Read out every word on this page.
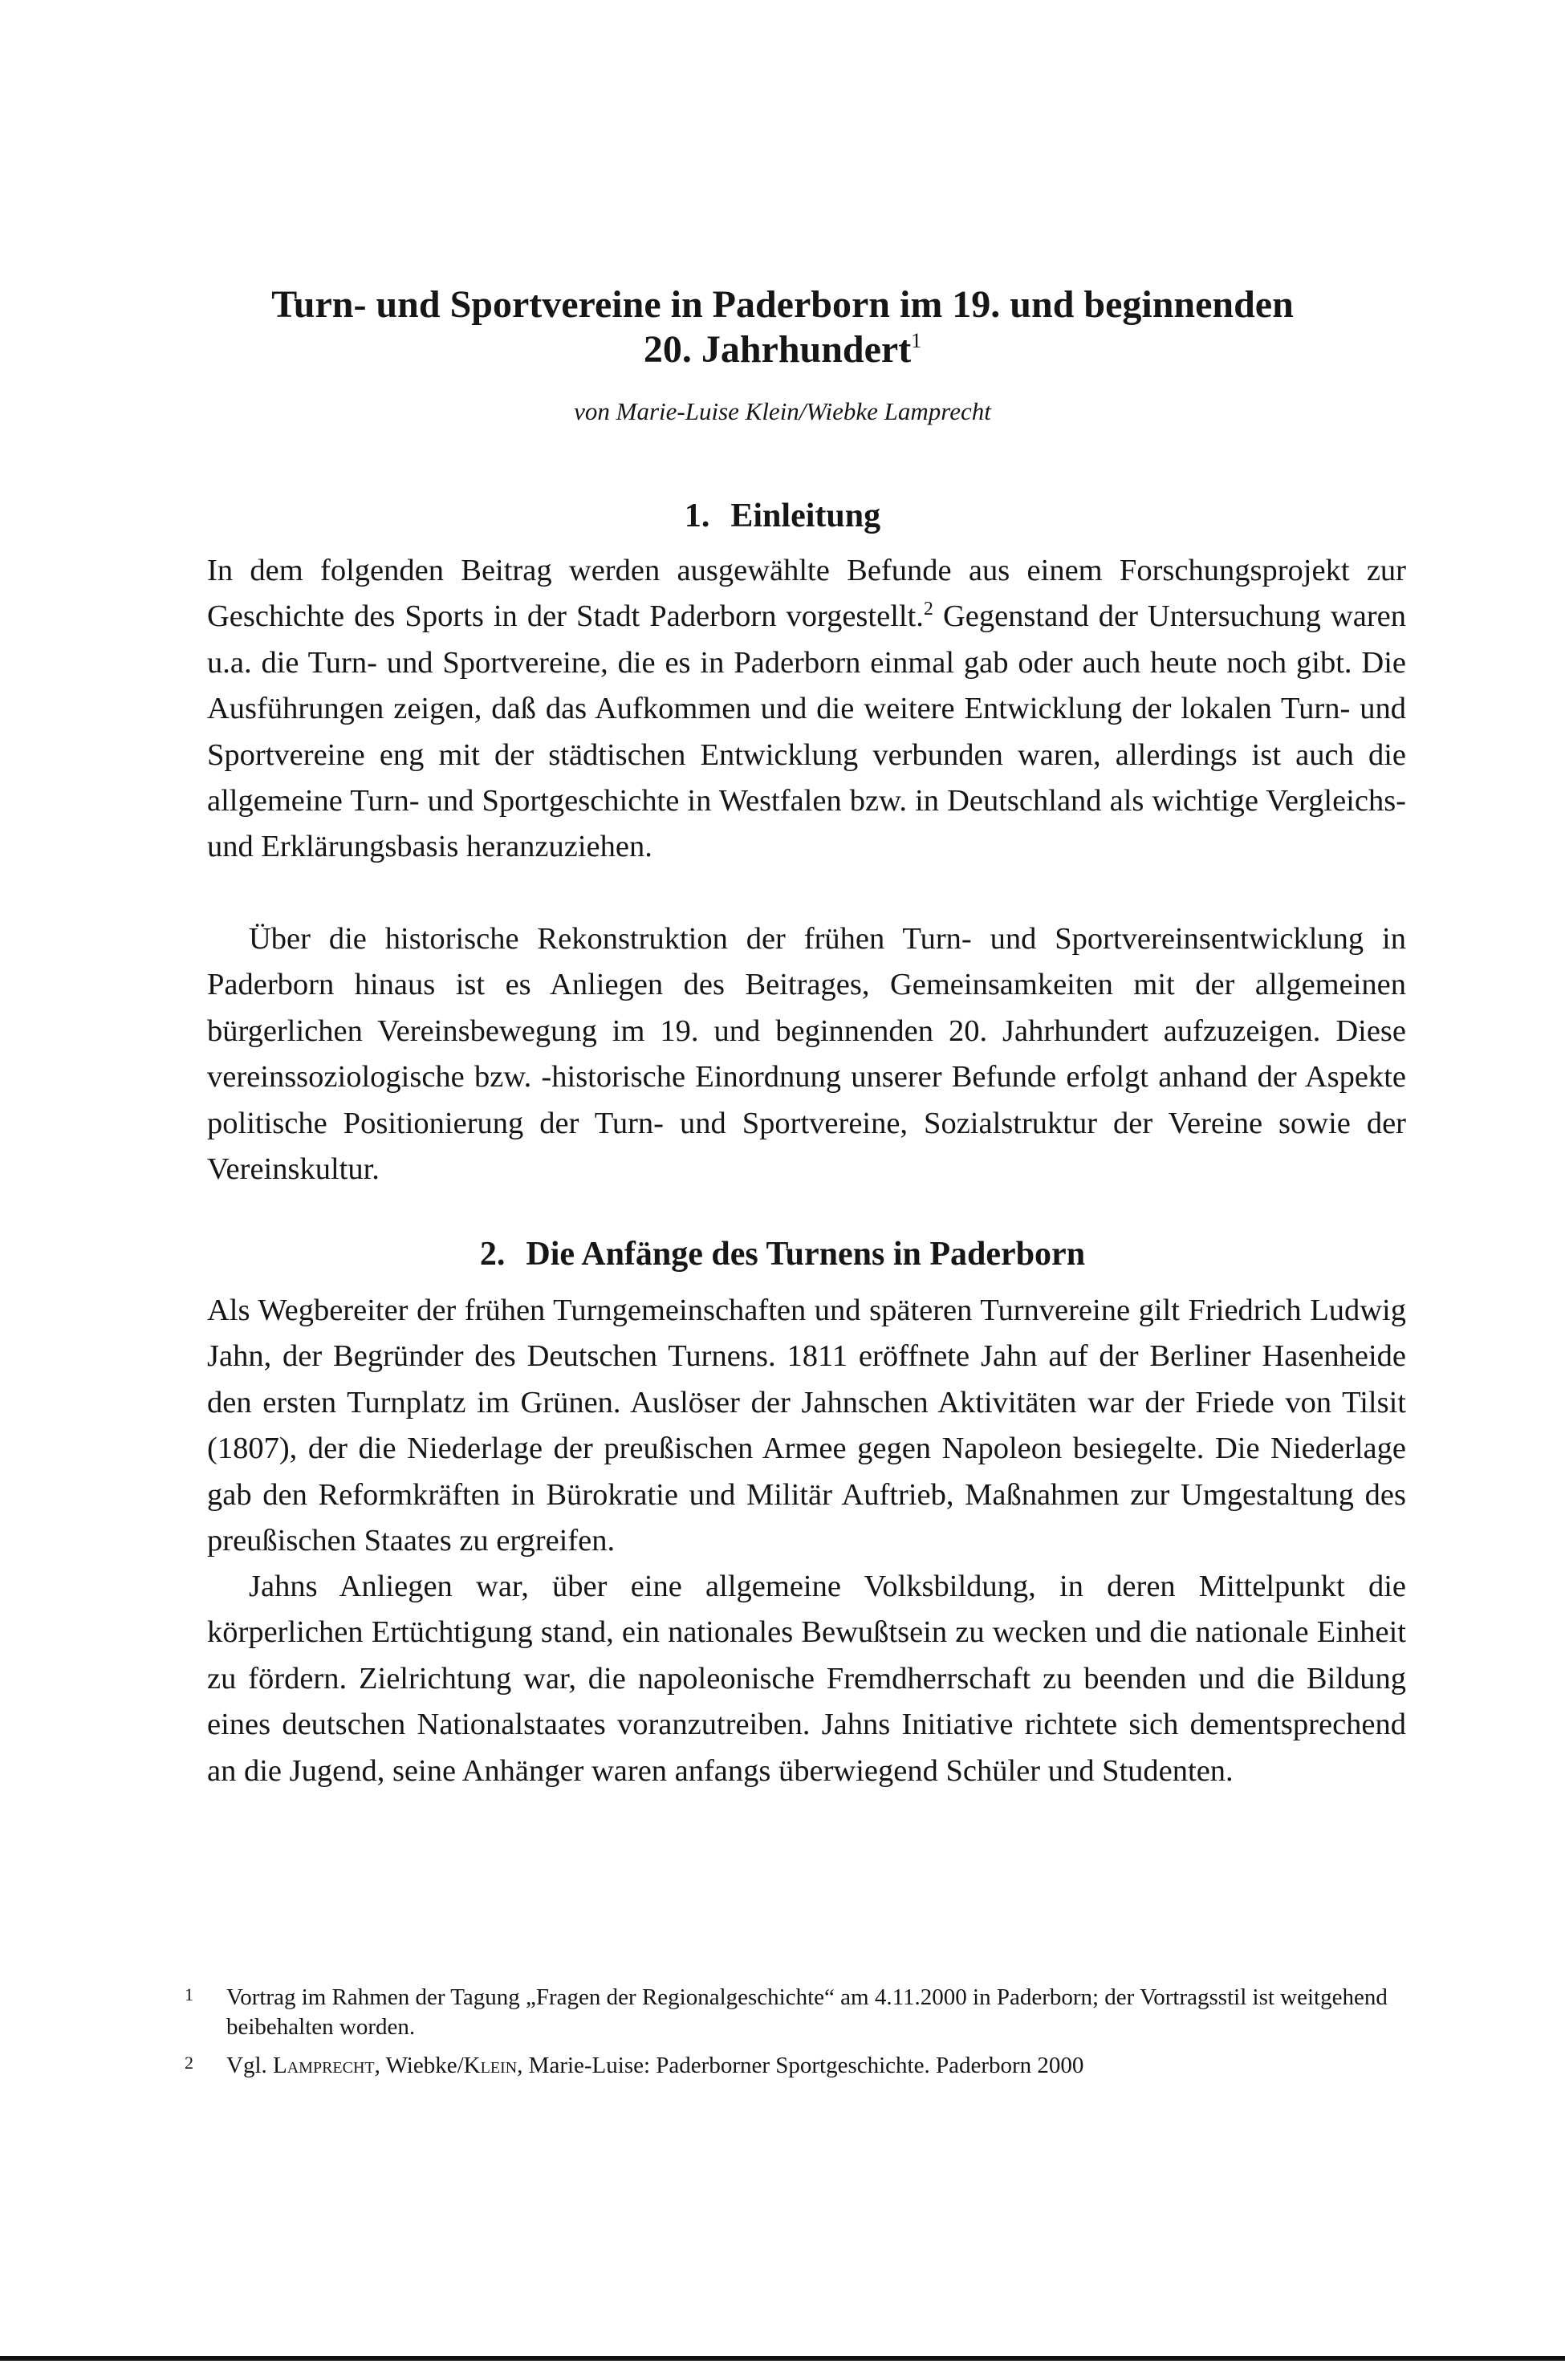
Turn- und Sportvereine in Paderborn im 19. und beginnenden
20. Jahrhundert$^1$

von Marie-Luise Klein/Wiebke Lamprecht

1. Einleitung

In dem folgenden Beitrag werden ausgewählte Befunde aus einem Forschungsprojekt zur Geschichte des Sports in der Stadt Paderborn vorgestellt.$^2$ Gegenstand der Untersuchung waren u.a. die Turn- und Sportvereine, die es in Paderborn einmal gab oder auch heute noch gibt. Die Ausführungen zeigen, daß das Aufkommen und die weitere Entwicklung der lokalen Turn- und Sportvereine eng mit der städtischen Entwicklung verbunden waren, allerdings ist auch die allgemeine Turn- und Sportgeschichte in Westfalen bzw. in Deutschland als wichtige Vergleichs- und Erklärungsbasis heranzuziehen.

Über die historische Rekonstruktion der frühen Turn- und Sportvereinsentwicklung in Paderborn hinaus ist es Anliegen des Beitrages, Gemeinsamkeiten mit der allgemeinen bürgerlichen Vereinsbewegung im 19. und beginnenden 20. Jahrhundert aufzuzeigen. Diese vereinssoziologische bzw. -historische Einordnung unserer Befunde erfolgt anhand der Aspekte politische Positionierung der Turn- und Sportvereine, Sozialstruktur der Vereine sowie der Vereinskultur.

2. Die Anfänge des Turnens in Paderborn

Als Wegbereiter der frühen Turngemeinschaften und späteren Turnvereine gilt Friedrich Ludwig Jahn, der Begründer des Deutschen Turnens. 1811 eröffnete Jahn auf der Berliner Hasenheide den ersten Turnplatz im Grünen. Auslöser der Jahnschen Aktivitäten war der Friede von Tilsit (1807), der die Niederlage der preußischen Armee gegen Napoleon besiegelte. Die Niederlage gab den Reformkräften in Bürokratie und Militär Auftrieb, Maßnahmen zur Umgestaltung des preußischen Staates zu ergreifen.

Jahns Anliegen war, über eine allgemeine Volksbildung, in deren Mittelpunkt die körperlichen Ertüchtigung stand, ein nationales Bewußtsein zu wecken und die nationale Einheit zu fördern. Zielrichtung war, die napoleonische Fremdherrschaft zu beenden und die Bildung eines deutschen Nationalstaates voranzutreiben. Jahns Initiative richtete sich dementsprechend an die Jugend, seine Anhänger waren anfangs überwiegend Schüler und Studenten.

1 Vortrag im Rahmen der Tagung „Fragen der Regionalgeschichte“ am 4.11.2000 in Paderborn; der Vortragsstil ist weitgehend beibehalten worden.

2 Vgl. Lamprecht, Wiebke/Klein, Marie-Luise: Paderborner Sportgeschichte. Paderborn 2000
